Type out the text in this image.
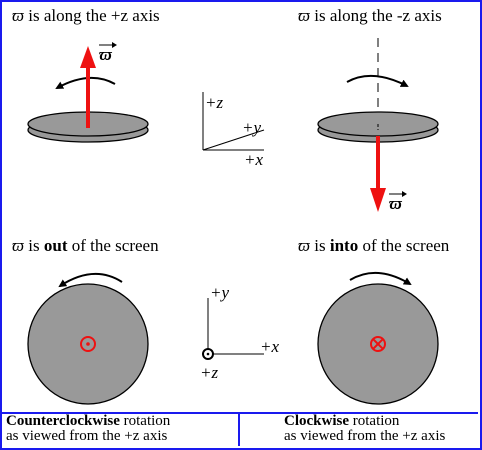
ϖ is along the +z axis	ϖ is along the -z axis
ϖ is out of the screen	ϖ is into of the screen
ϖ
+z
+y
+x
ϖ
+y
+x
+z
Counterclockwise rotation
as viewed from the +z axis
Clockwise rotation
as viewed from the +z axis
